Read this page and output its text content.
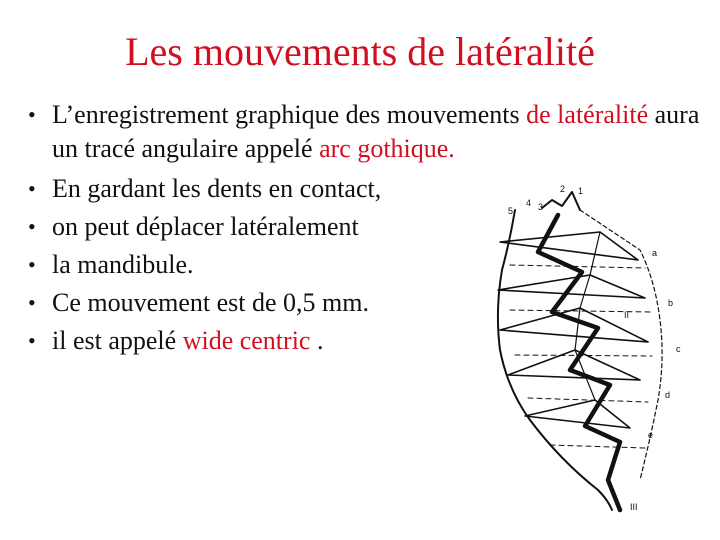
Les mouvements de latéralité
• L’enregistrement graphique des mouvements de latéralité aura un tracé angulaire appelé arc gothique.
• En gardant les dents en contact,
• on peut déplacer latéralement
• la mandibule.
• Ce mouvement est de 0,5 mm.
• il est appelé wide centric .
5
4 3
2 1
a
b
c
d
e
II
III
